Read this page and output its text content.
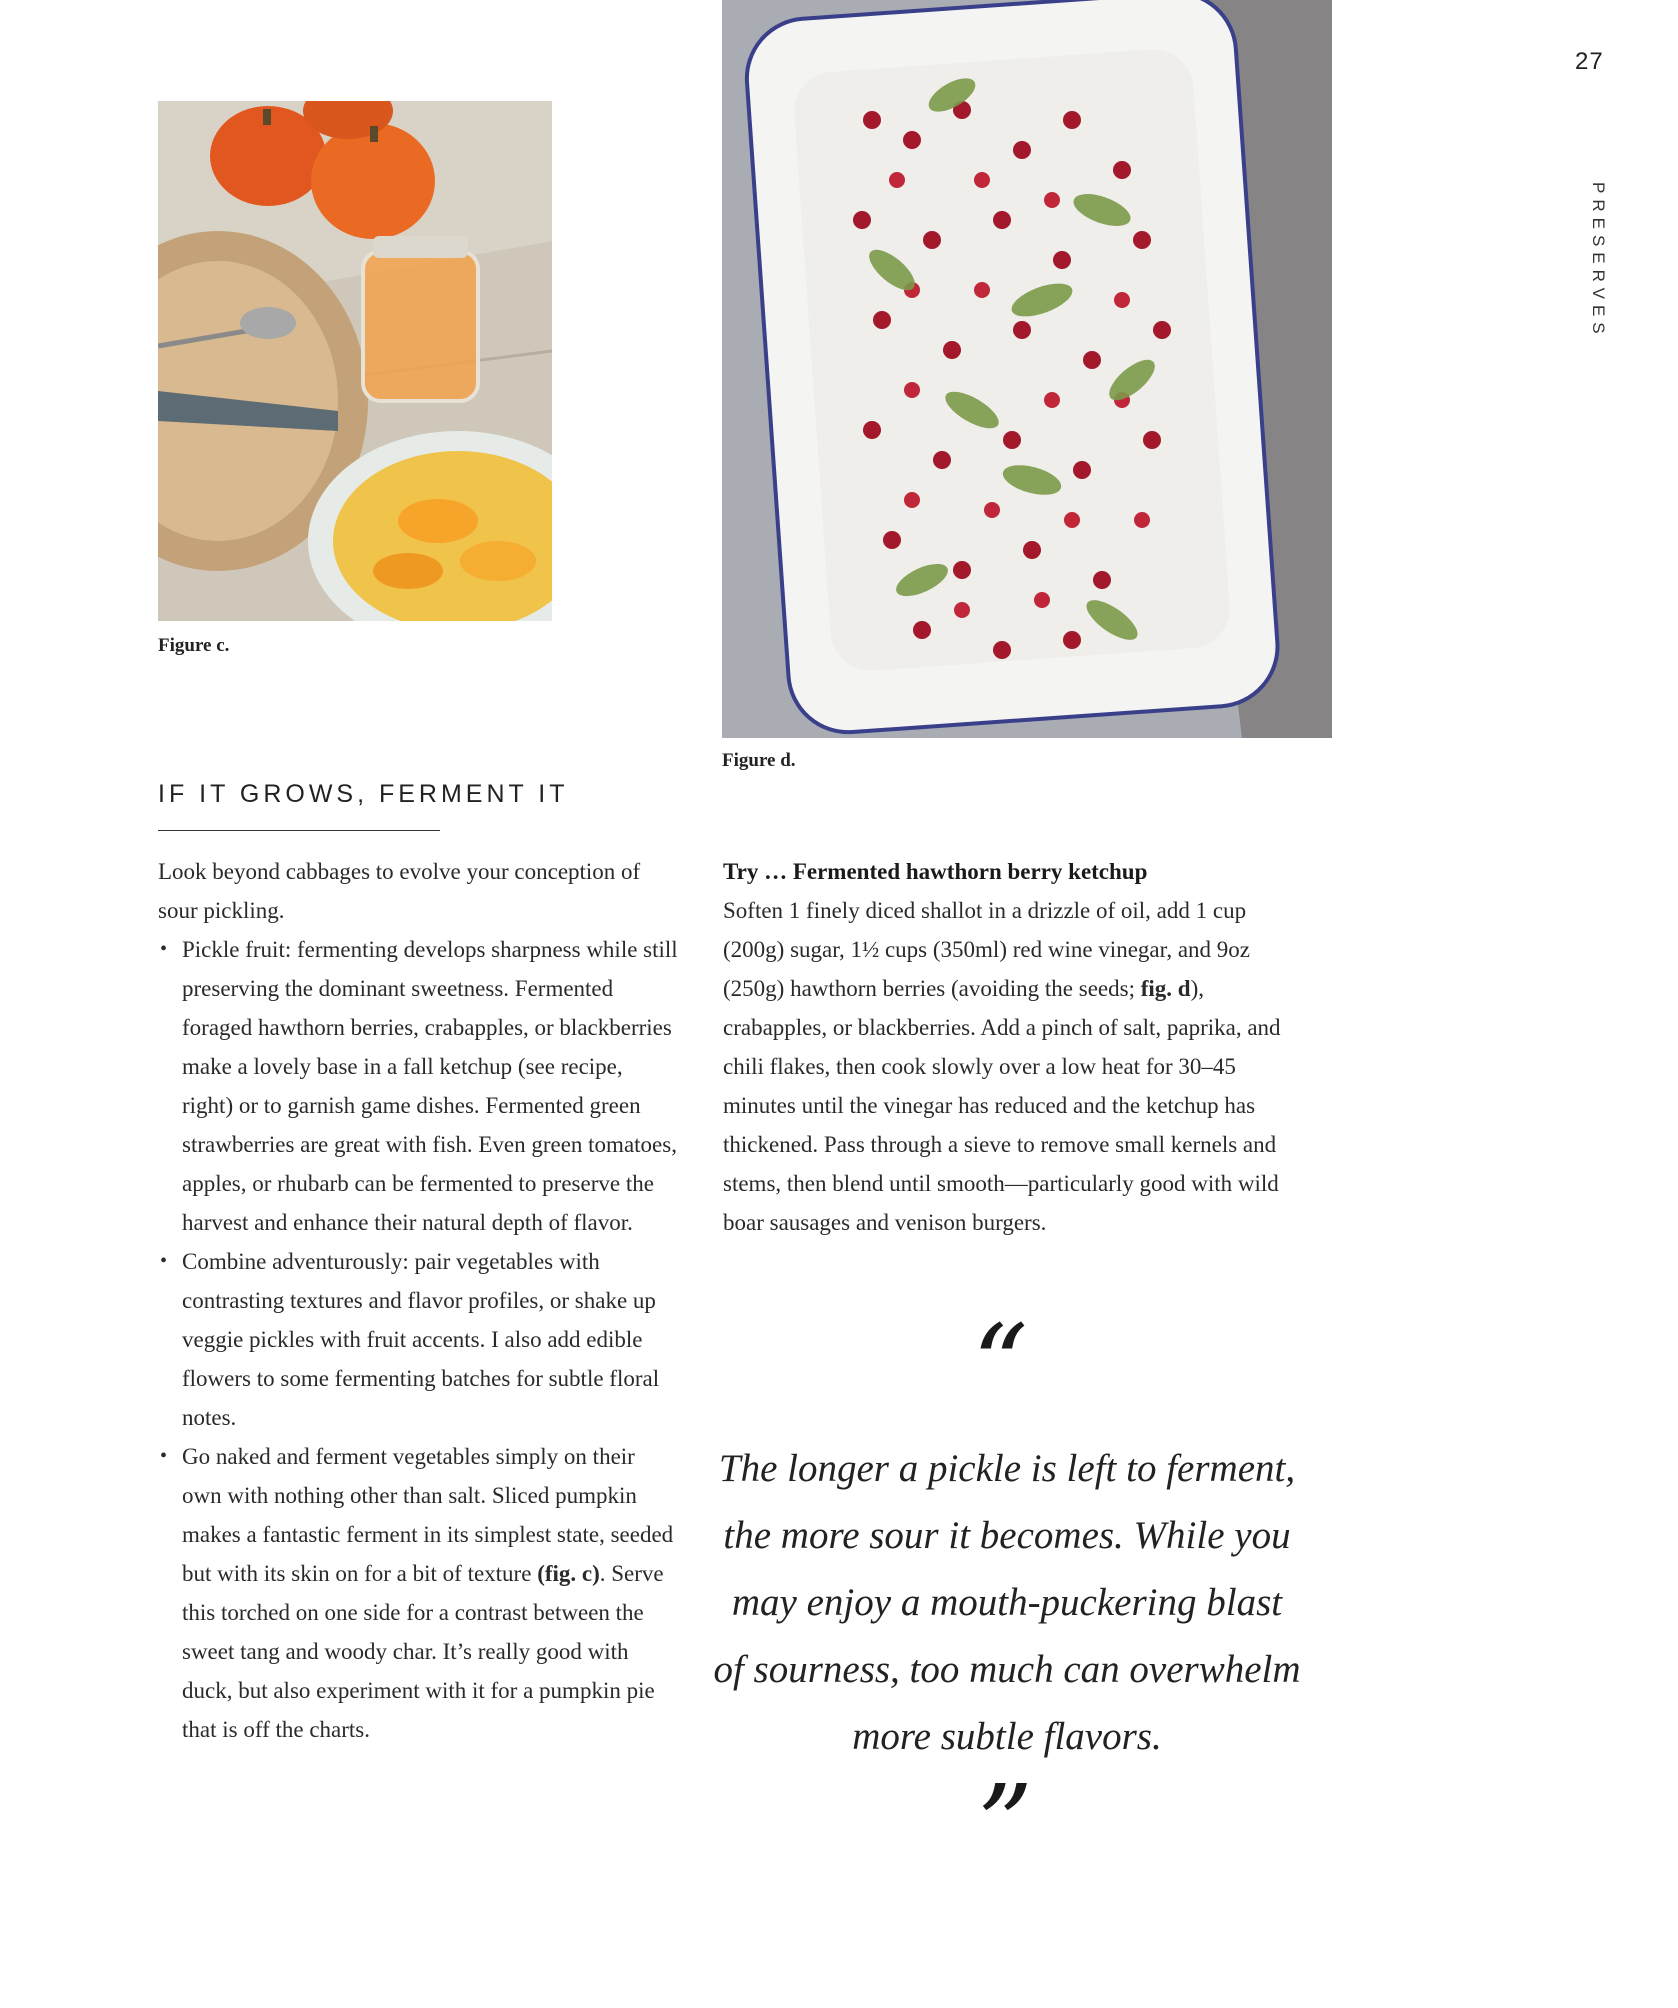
27
PRESERVES
Figure c.
Figure d.
IF IT GROWS, FERMENT IT

Look beyond cabbages to evolve your conception of sour pickling.

• Pickle fruit: fermenting develops sharpness while still preserving the dominant sweetness. Fermented foraged hawthorn berries, crabapples, or blackberries make a lovely base in a fall ketchup (see recipe, right) or to garnish game dishes. Fermented green strawberries are great with fish. Even green tomatoes, apples, or rhubarb can be fermented to preserve the harvest and enhance their natural depth of flavor.
• Combine adventurously: pair vegetables with contrasting textures and flavor profiles, or shake up veggie pickles with fruit accents. I also add edible flowers to some fermenting batches for subtle floral notes.
• Go naked and ferment vegetables simply on their own with nothing other than salt. Sliced pumpkin makes a fantastic ferment in its simplest state, seeded but with its skin on for a bit of texture (fig. c). Serve this torched on one side for a contrast between the sweet tang and woody char. It’s really good with duck, but also experiment with it for a pumpkin pie that is off the charts.

Try … Fermented hawthorn berry ketchup

Soften 1 finely diced shallot in a drizzle of oil, add 1 cup (200g) sugar, 1½ cups (350ml) red wine vinegar, and 9oz (250g) hawthorn berries (avoiding the seeds; fig. d), crabapples, or blackberries. Add a pinch of salt, paprika, and chili flakes, then cook slowly over a low heat for 30–45 minutes until the vinegar has reduced and the ketchup has thickened. Pass through a sieve to remove small kernels and stems, then blend until smooth—particularly good with wild boar sausages and venison burgers.

“
The longer a pickle is left to ferment, the more sour it becomes. While you may enjoy a mouth-puckering blast of sourness, too much can overwhelm more subtle flavors.
”
